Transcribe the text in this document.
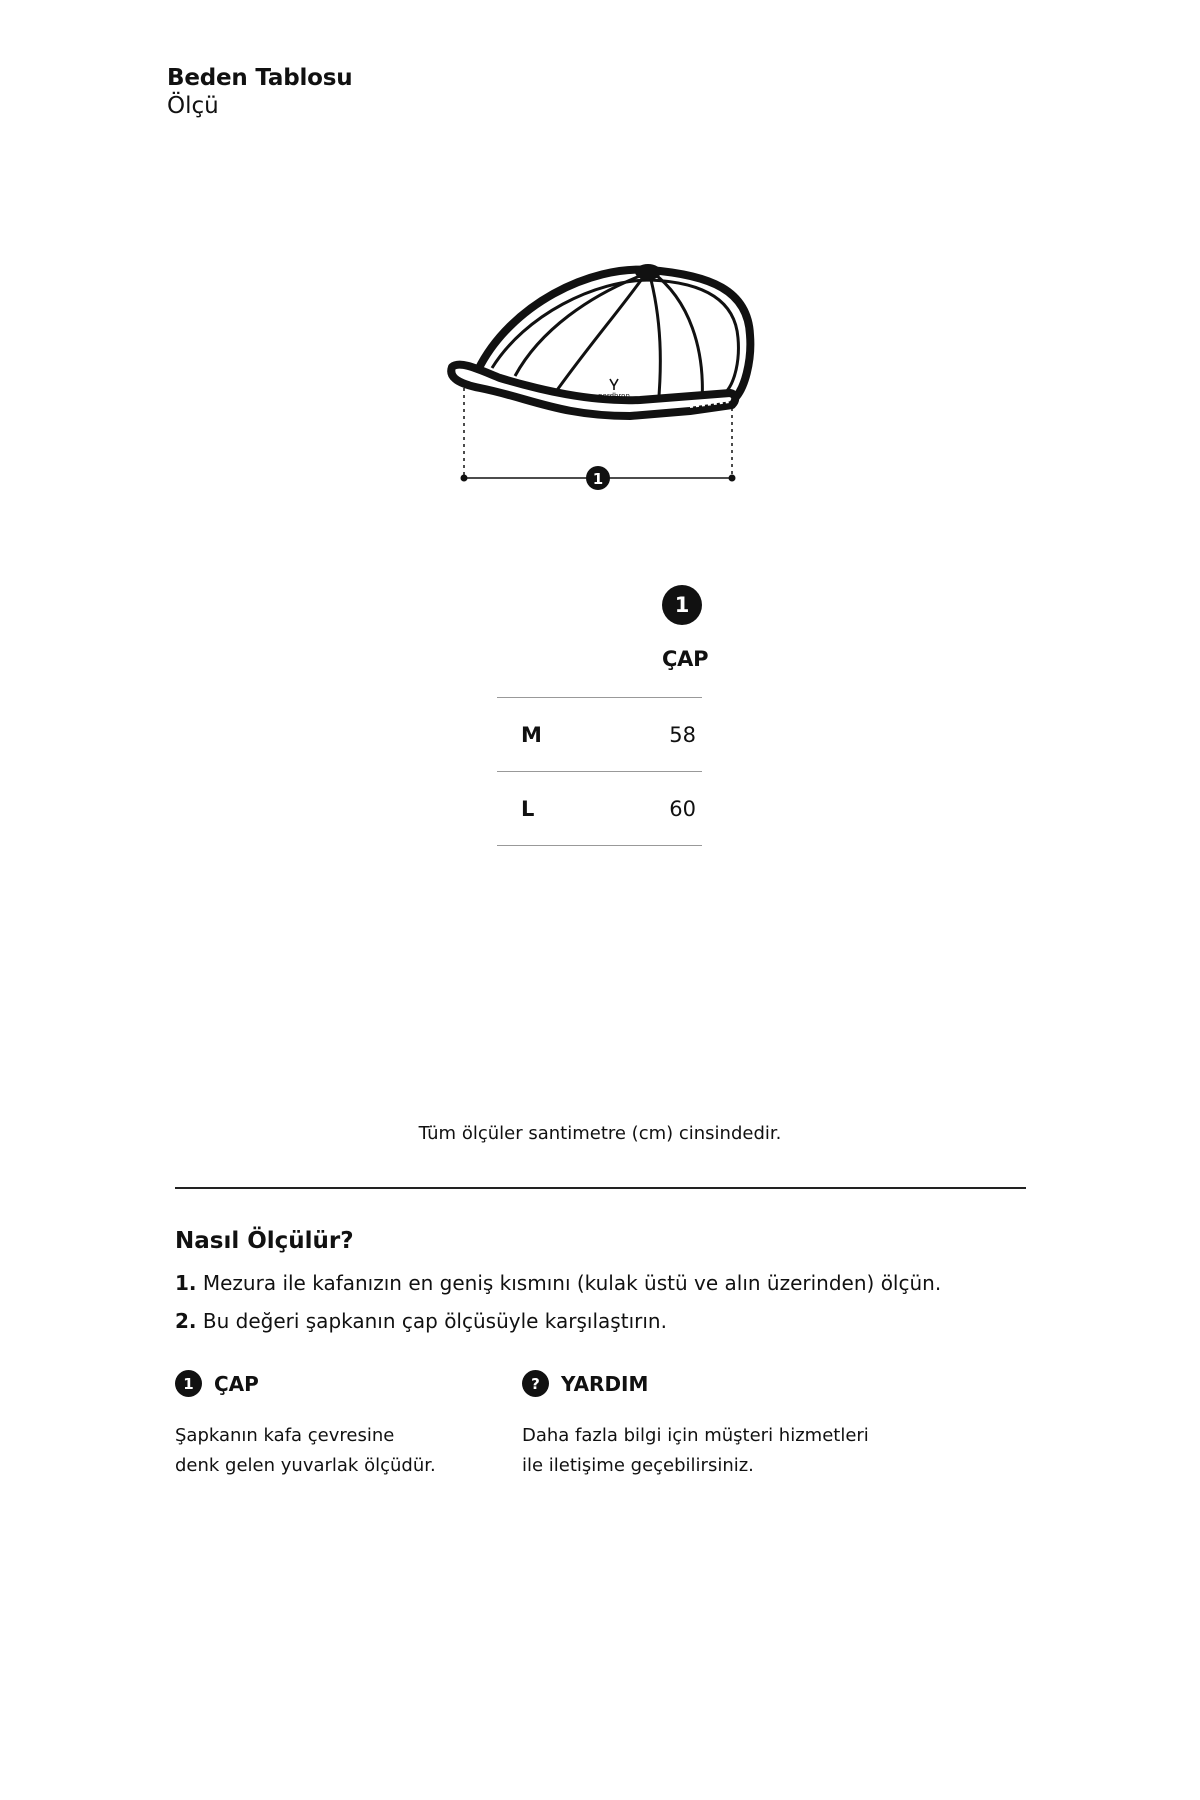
Beden Tablosu
Ölçü
nordbron
1
1
ÇAP
M	58
L	60
Tüm ölçüler santimetre (cm) cinsindedir.
Nasıl Ölçülür?
1. Mezura ile kafanızın en geniş kısmını (kulak üstü ve alın üzerinden) ölçün.
2. Bu değeri şapkanın çap ölçüsüyle karşılaştırın.
1	ÇAP
Şapkanın kafa çevresine
denk gelen yuvarlak ölçüdür.
?	YARDIM
Daha fazla bilgi için müşteri hizmetleri
ile iletişime geçebilirsiniz.
